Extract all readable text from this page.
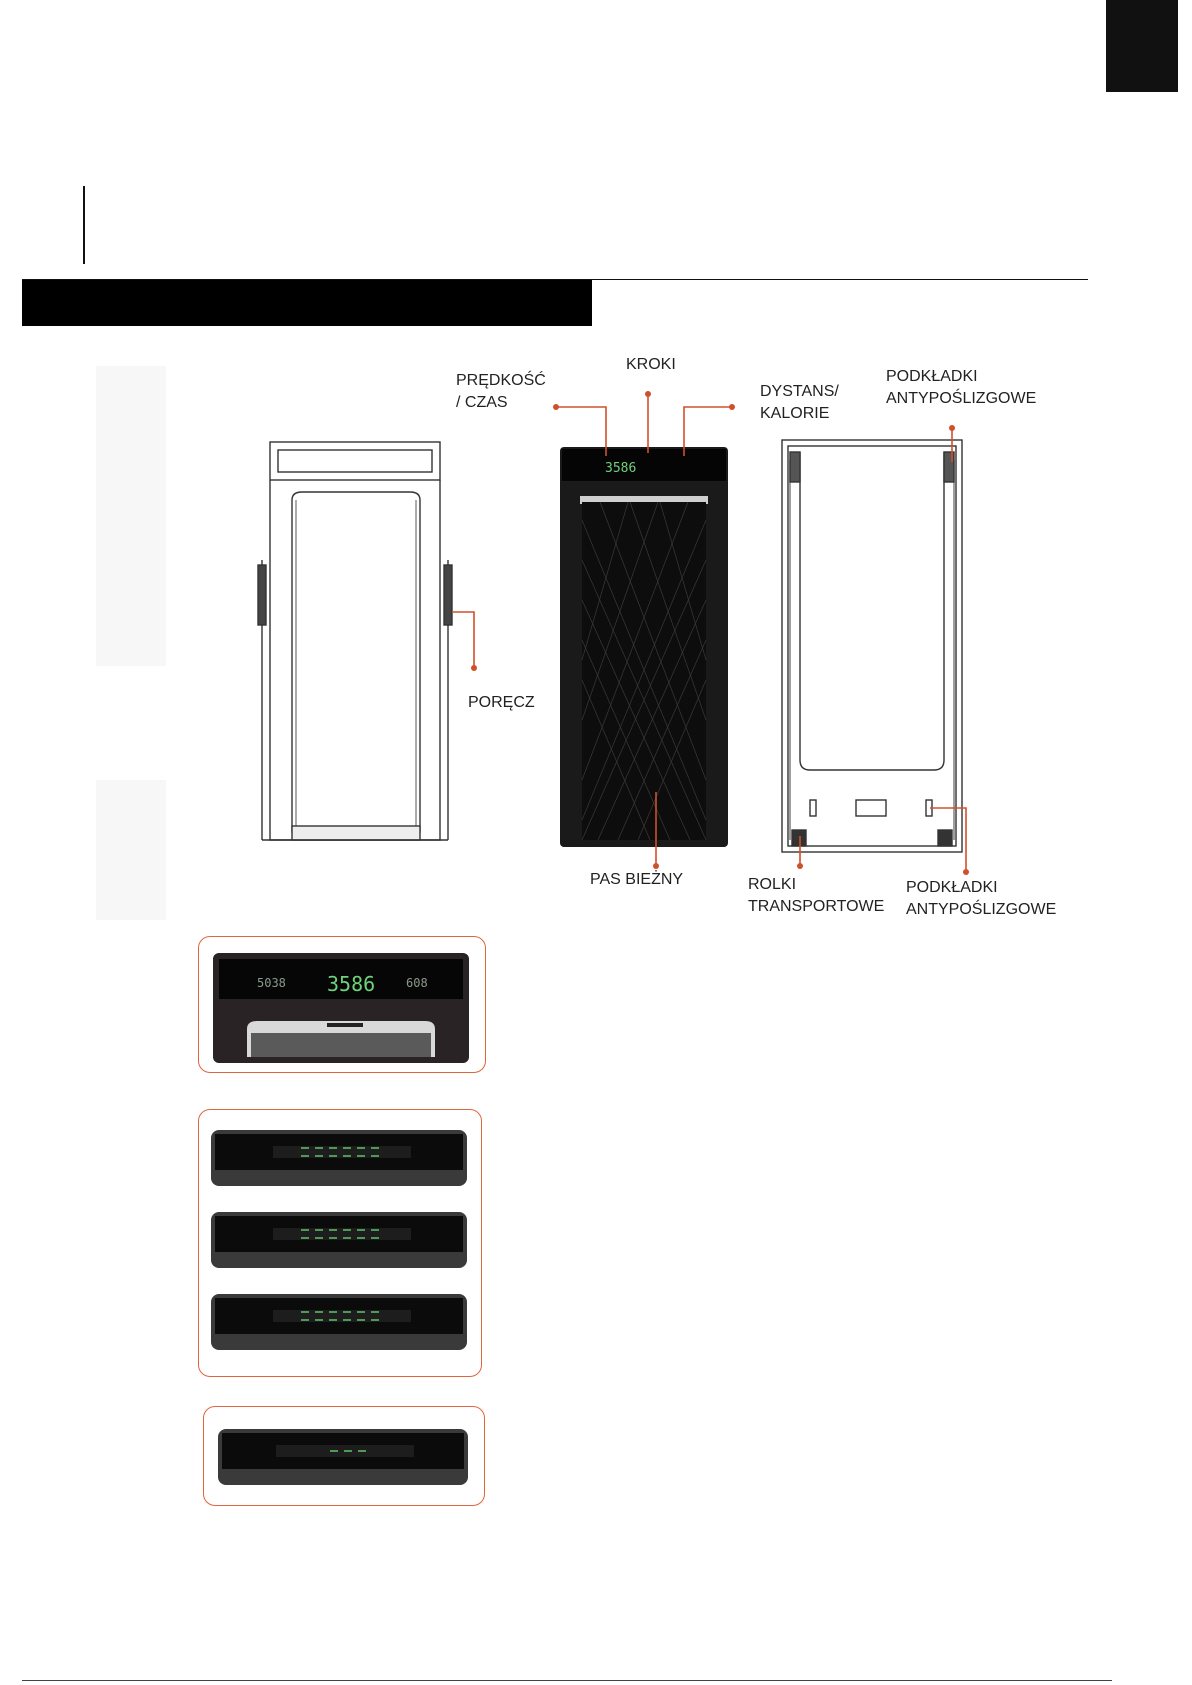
PRĘDKOŚĆ
/ CZAS
KROKI
DYSTANS/
KALORIE
PODKŁADKI
ANTYPOŚLIZGOWE
PORĘCZ
PAS BIEŻNY	ROLKI
TRANSPORTOWE
PODKŁADKI
ANTYPOŚLIZGOWE
3586
5038 3586	608
